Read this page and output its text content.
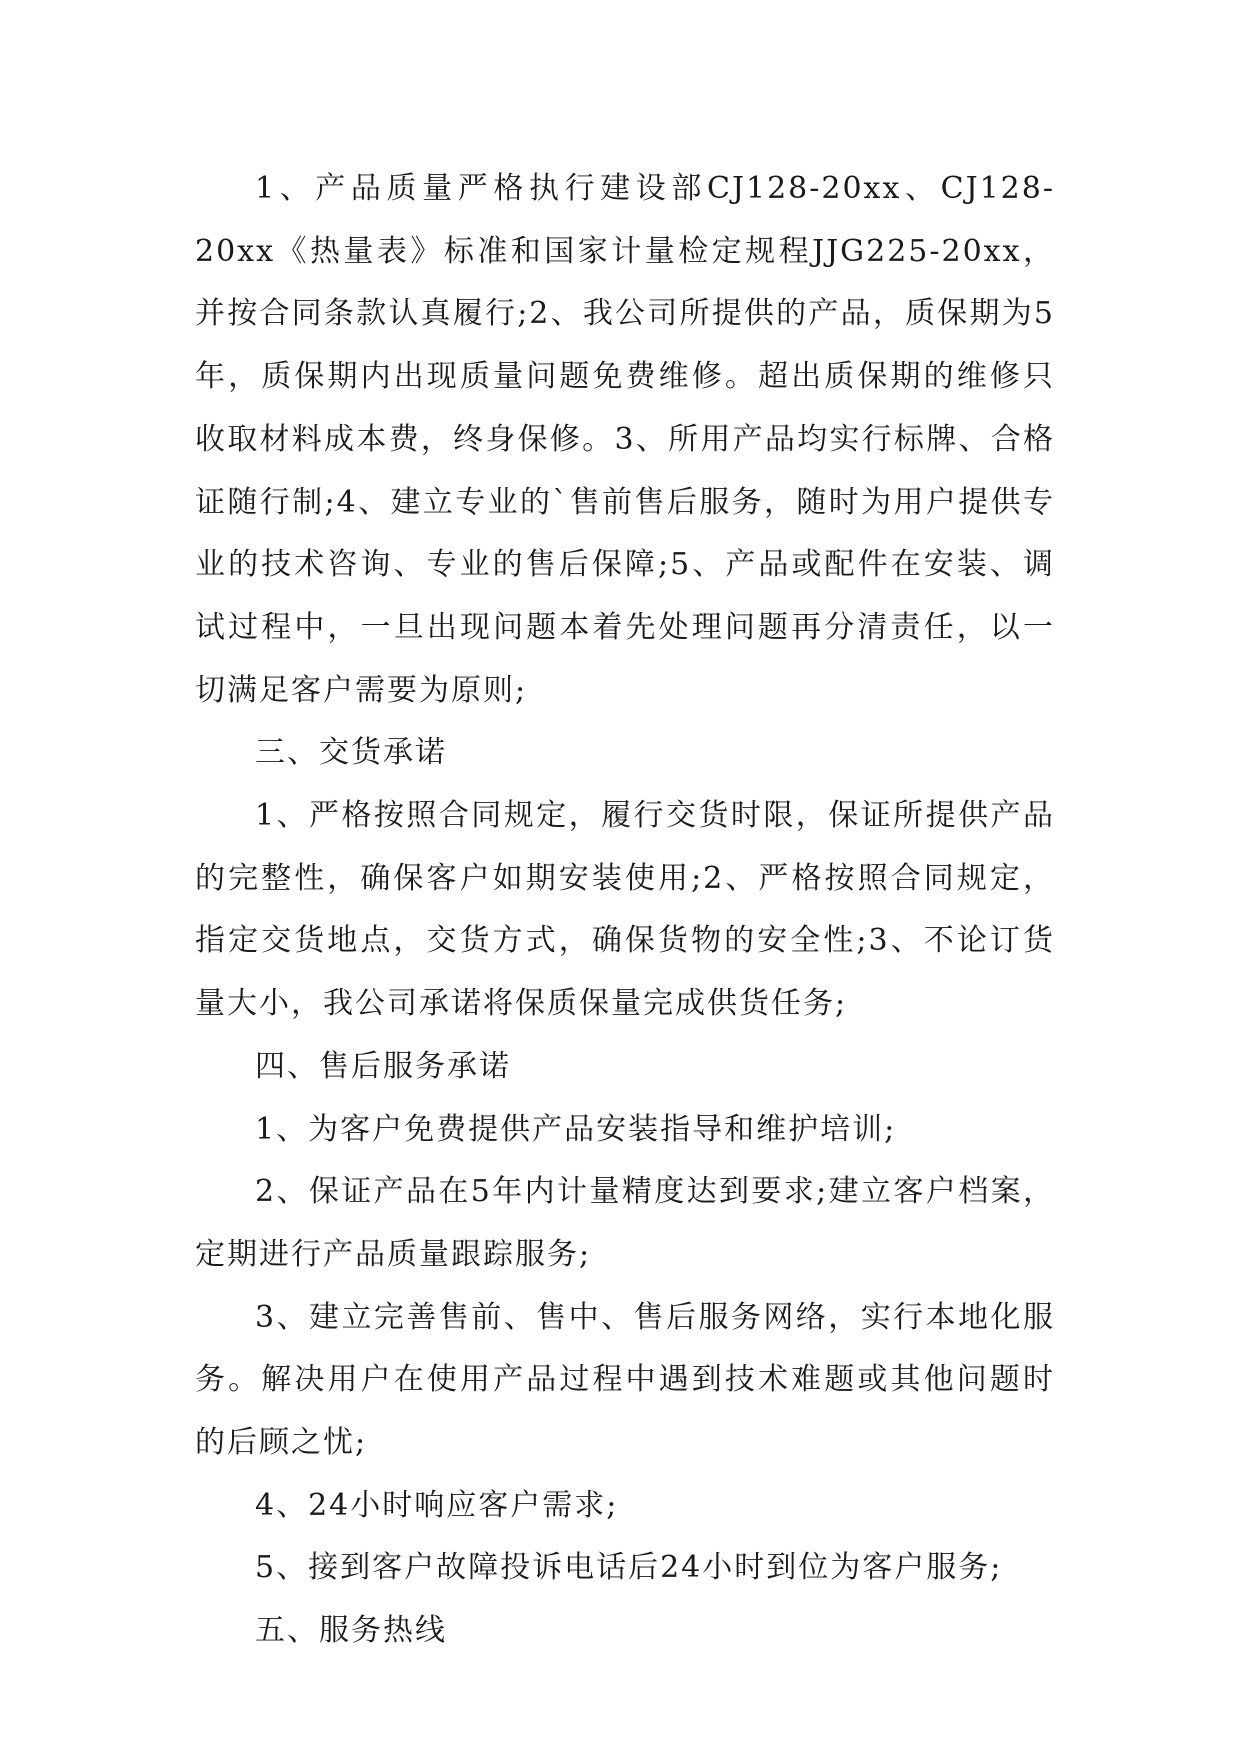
1、产品质量严格执行建设部CJ128-20xx、CJ128-20xx《热量表》标准和国家计量检定规程JJG225-20xx，并按合同条款认真履行;2、我公司所提供的产品，质保期为5年，质保期内出现质量问题免费维修。超出质保期的维修只收取材料成本费，终身保修。3、所用产品均实行标牌、合格证随行制;4、建立专业的`售前售后服务，随时为用户提供专业的技术咨询、专业的售后保障;5、产品或配件在安装、调试过程中，一旦出现问题本着先处理问题再分清责任，以一切满足客户需要为原则;

三、交货承诺

1、严格按照合同规定，履行交货时限，保证所提供产品的完整性，确保客户如期安装使用;2、严格按照合同规定，指定交货地点，交货方式，确保货物的安全性;3、不论订货量大小，我公司承诺将保质保量完成供货任务;

四、售后服务承诺

1、为客户免费提供产品安装指导和维护培训;

2、保证产品在5年内计量精度达到要求;建立客户档案，定期进行产品质量跟踪服务;

3、建立完善售前、售中、售后服务网络，实行本地化服务。解决用户在使用产品过程中遇到技术难题或其他问题时的后顾之忧;

4、24小时响应客户需求;

5、接到客户故障投诉电话后24小时到位为客户服务;

五、服务热线
